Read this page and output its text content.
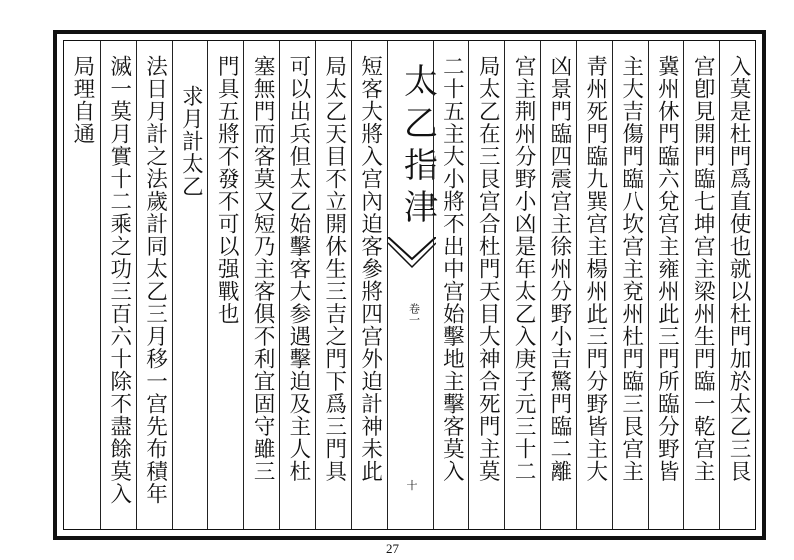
太乙指津
卷一
十
入莫是杜門爲直使也就以杜門加於太乙三艮
宫卽見開門臨七坤宫主梁州生門臨一乾宫主
冀州休門臨六兌宫主雍州此三門所臨分野皆
主大吉傷門臨八坎宫主兗州杜門臨三艮宫主
靑州死門臨九巽宫主楊州此三門分野皆主大
凶景門臨四震宫主徐州分野小吉驚門臨二離
宫主荆州分野小凶是年太乙入庚子元三十二
局太乙在三艮宫合杜門天目大神合死門主莫
二十五主大小將不出中宫始擊地主擊客莫入
短客大將入宫內迫客參將四宫外迫計神未此
局太乙天目不立開休生三吉之門下爲三門具
可以出兵但太乙始擊客大参遇擊迫及主人杜
塞無門而客莫又短乃主客俱不利宜固守雖三
門具五將不發不可以强戰也
求月計太乙
法日月計之法歲計同太乙三月移一宫先布積年
滅一莫月實十二乘之功三百六十除不盡餘莫入
局理自通
27
